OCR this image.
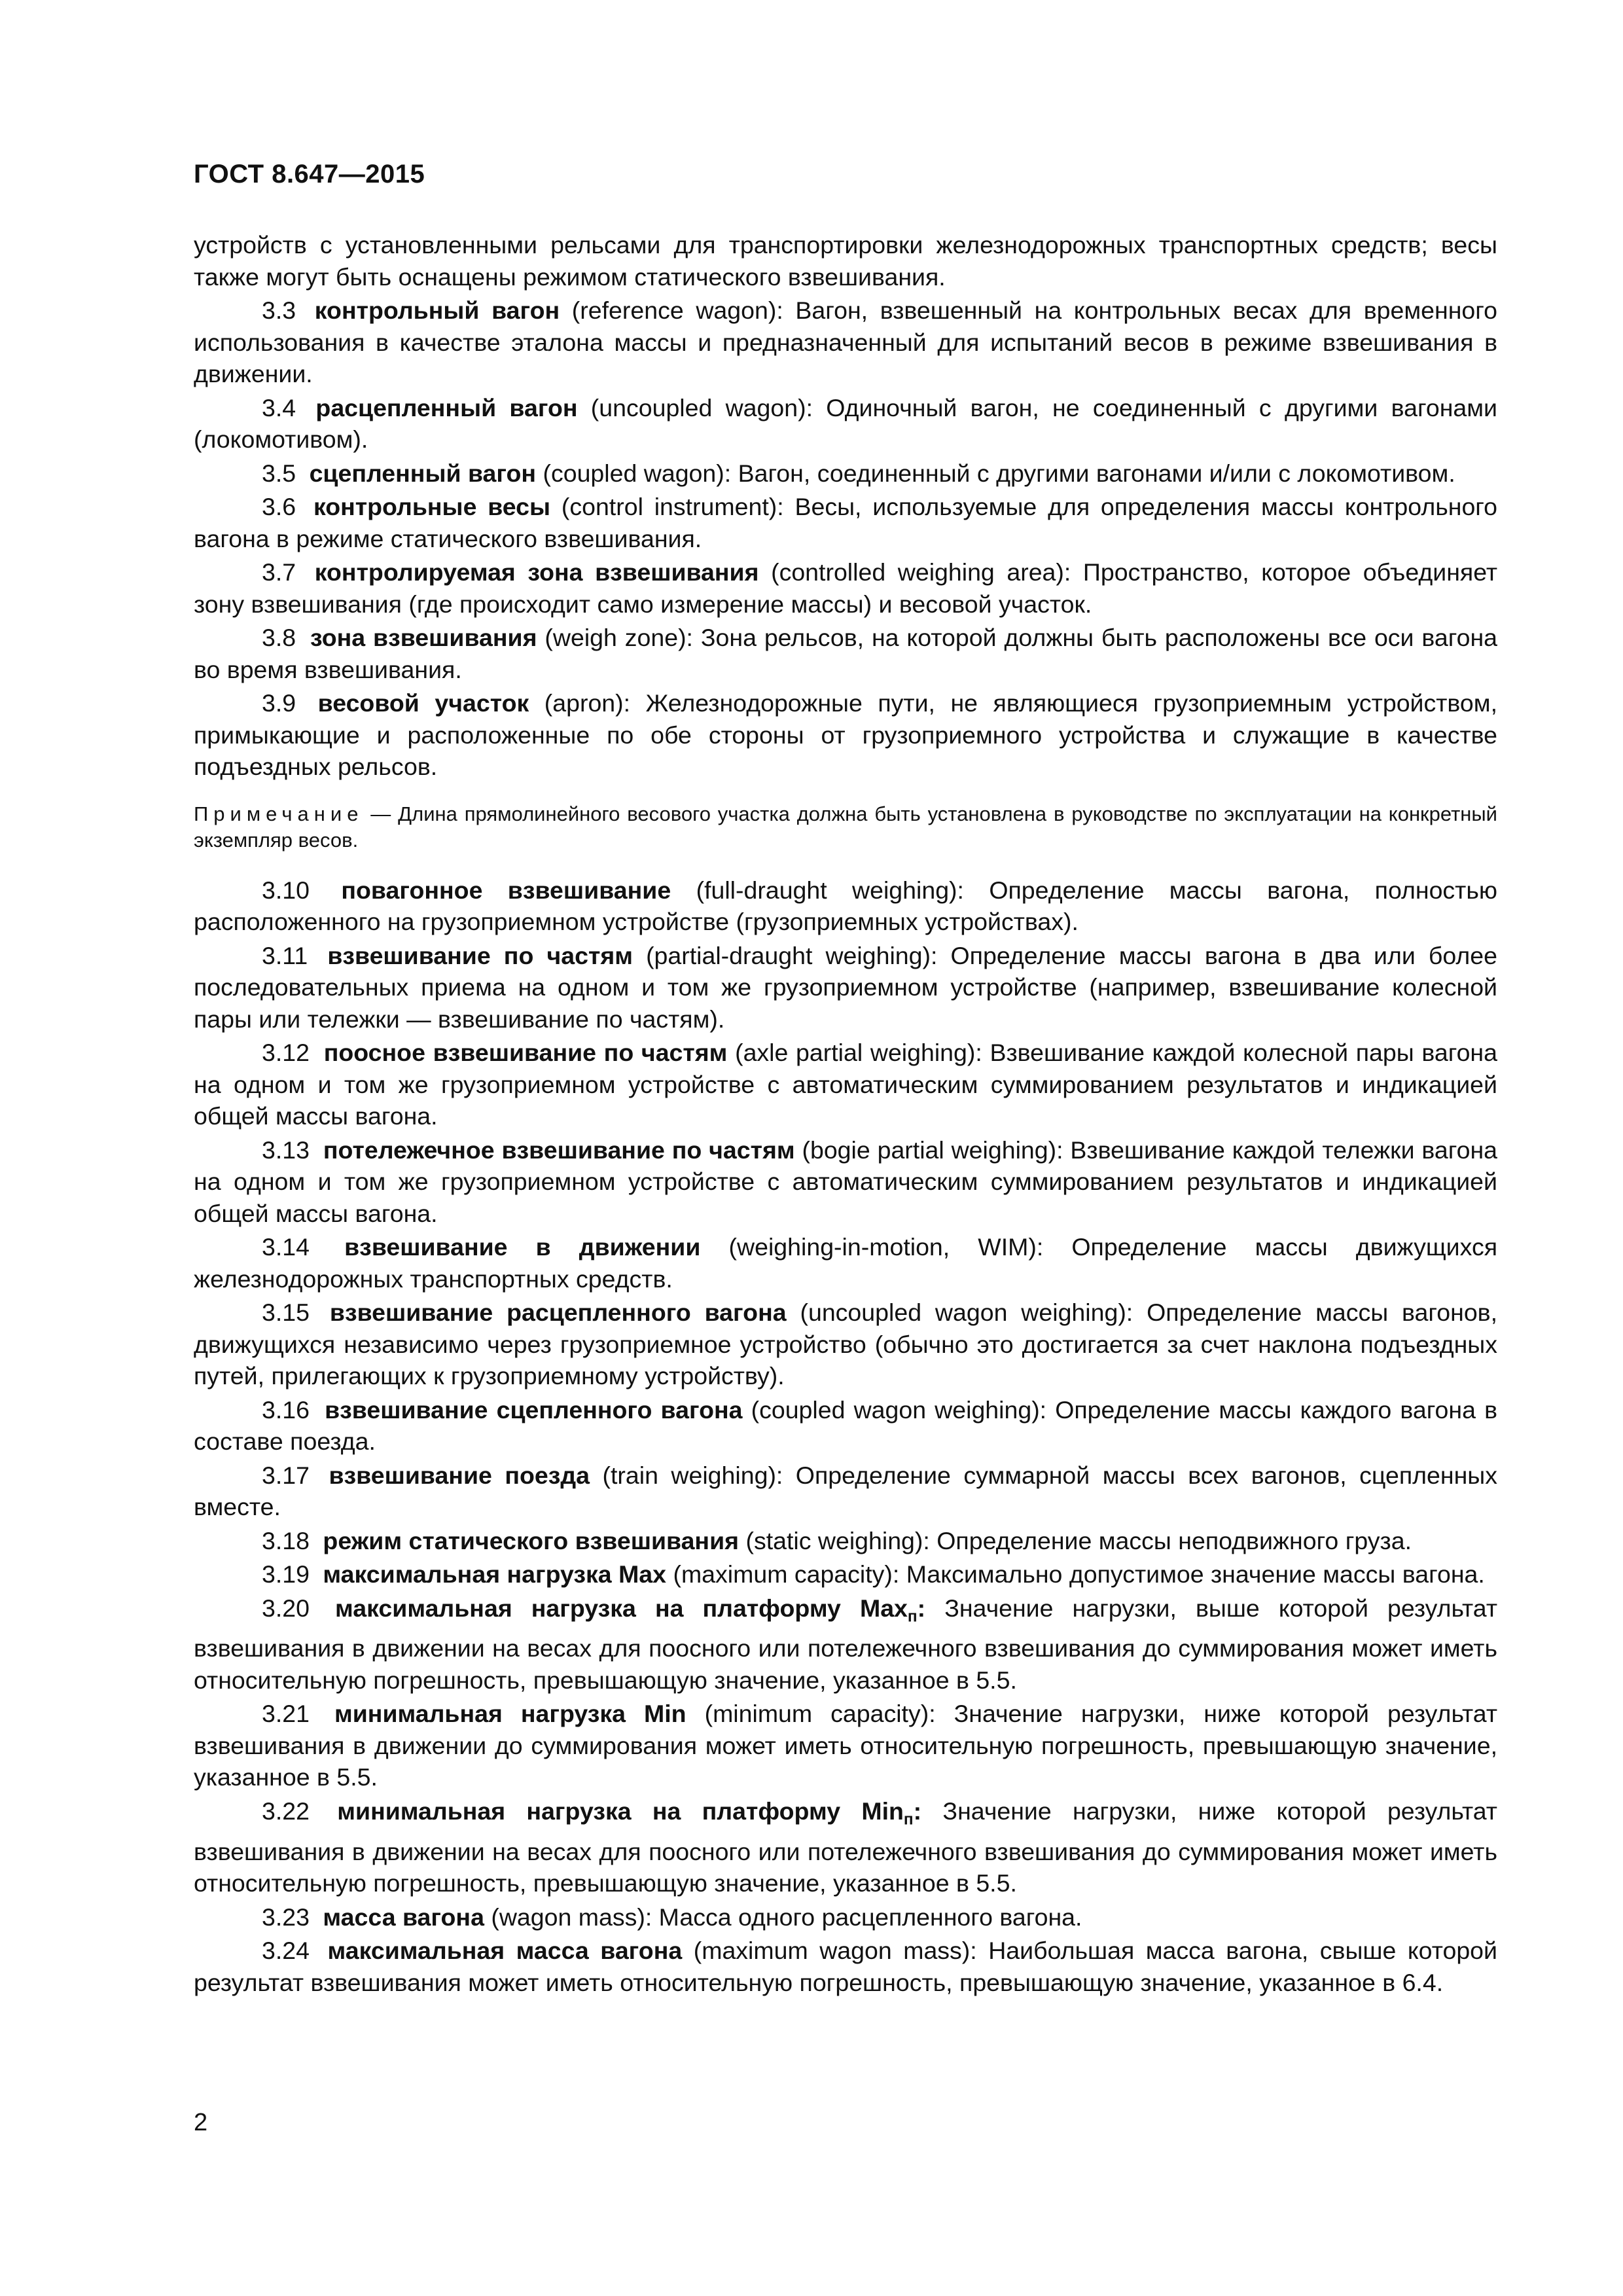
ГОСТ 8.647—2015

устройств с установленными рельсами для транспортировки железнодорожных транспортных средств; весы также могут быть оснащены режимом статического взвешивания.

3.3 контрольный вагон (reference wagon): Вагон, взвешенный на контрольных весах для временного использования в качестве эталона массы и предназначенный для испытаний весов в режиме взвешивания в движении.

3.4 расцепленный вагон (uncoupled wagon): Одиночный вагон, не соединенный с другими вагонами (локомотивом).

3.5 сцепленный вагон (coupled wagon): Вагон, соединенный с другими вагонами и/или с локомотивом.

3.6 контрольные весы (control instrument): Весы, используемые для определения массы контрольного вагона в режиме статического взвешивания.

3.7 контролируемая зона взвешивания (controlled weighing area): Пространство, которое объединяет зону взвешивания (где происходит само измерение массы) и весовой участок.

3.8 зона взвешивания (weigh zone): Зона рельсов, на которой должны быть расположены все оси вагона во время взвешивания.

3.9 весовой участок (apron): Железнодорожные пути, не являющиеся грузоприемным устройством, примыкающие и расположенные по обе стороны от грузоприемного устройства и служащие в качестве подъездных рельсов.

Примечание — Длина прямолинейного весового участка должна быть установлена в руководстве по эксплуатации на конкретный экземпляр весов.

3.10 повагонное взвешивание (full-draught weighing): Определение массы вагона, полностью расположенного на грузоприемном устройстве (грузоприемных устройствах).

3.11 взвешивание по частям (partial-draught weighing): Определение массы вагона в два или более последовательных приема на одном и том же грузоприемном устройстве (например, взвешивание колесной пары или тележки — взвешивание по частям).

3.12 поосное взвешивание по частям (axle partial weighing): Взвешивание каждой колесной пары вагона на одном и том же грузоприемном устройстве с автоматическим суммированием результатов и индикацией общей массы вагона.

3.13 потележечное взвешивание по частям (bogie partial weighing): Взвешивание каждой тележки вагона на одном и том же грузоприемном устройстве с автоматическим суммированием результатов и индикацией общей массы вагона.

3.14 взвешивание в движении (weighing-in-motion, WIM): Определение массы движущихся железнодорожных транспортных средств.

3.15 взвешивание расцепленного вагона (uncoupled wagon weighing): Определение массы вагонов, движущихся независимо через грузоприемное устройство (обычно это достигается за счет наклона подъездных путей, прилегающих к грузоприемному устройству).

3.16 взвешивание сцепленного вагона (coupled wagon weighing): Определение массы каждого вагона в составе поезда.

3.17 взвешивание поезда (train weighing): Определение суммарной массы всех вагонов, сцепленных вместе.

3.18 режим статического взвешивания (static weighing): Определение массы неподвижного груза.

3.19 максимальная нагрузка Max (maximum capacity): Максимально допустимое значение массы вагона.

3.20 максимальная нагрузка на платформу Max$_п$: Значение нагрузки, выше которой результат взвешивания в движении на весах для поосного или потележечного взвешивания до суммирования может иметь относительную погрешность, превышающую значение, указанное в 5.5.

3.21 минимальная нагрузка Min (minimum capacity): Значение нагрузки, ниже которой результат взвешивания в движении до суммирования может иметь относительную погрешность, превышающую значение, указанное в 5.5.

3.22 минимальная нагрузка на платформу Min$_п$: Значение нагрузки, ниже которой результат взвешивания в движении на весах для поосного или потележечного взвешивания до суммирования может иметь относительную погрешность, превышающую значение, указанное в 5.5.

3.23 масса вагона (wagon mass): Масса одного расцепленного вагона.

3.24 максимальная масса вагона (maximum wagon mass): Наибольшая масса вагона, свыше которой результат взвешивания может иметь относительную погрешность, превышающую значение, указанное в 6.4.

2
